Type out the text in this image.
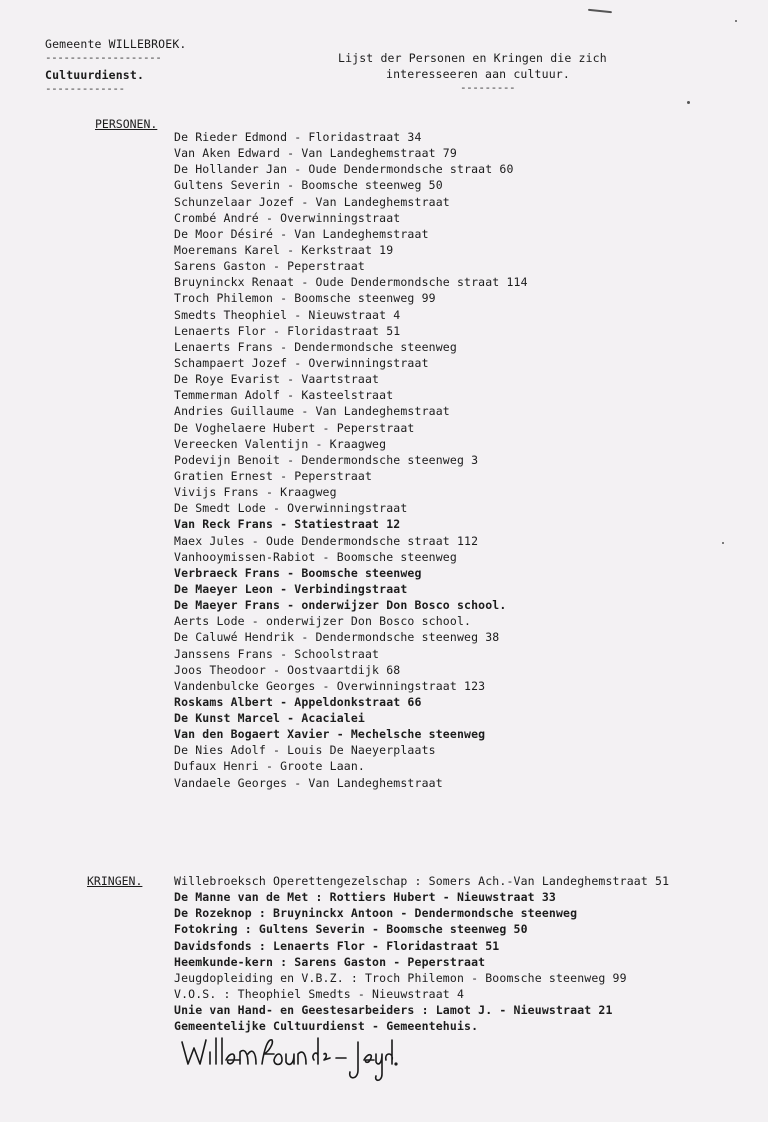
Gemeente WILLEBROEK.
-------------------
Cultuurdienst.
-------------
Lijst der Personen en Kringen die zich
interesseeren aan cultuur.
---------
PERSONEN.
De Rieder Edmond - Floridastraat 34
Van Aken Edward - Van Landeghemstraat 79
De Hollander Jan - Oude Dendermondsche straat 60
Gultens Severin - Boomsche steenweg 50
Schunzelaar Jozef - Van Landeghemstraat
Crombé André - Overwinningstraat
De Moor Désiré - Van Landeghemstraat
Moeremans Karel - Kerkstraat 19
Sarens Gaston - Peperstraat
Bruyninckx Renaat - Oude Dendermondsche straat 114
Troch Philemon - Boomsche steenweg 99
Smedts Theophiel - Nieuwstraat 4
Lenaerts Flor - Floridastraat 51
Lenaerts Frans - Dendermondsche steenweg
Schampaert Jozef - Overwinningstraat
De Roye Evarist - Vaartstraat
Temmerman Adolf - Kasteelstraat
Andries Guillaume - Van Landeghemstraat
De Voghelaere Hubert - Peperstraat
Vereecken Valentijn - Kraagweg
Podevijn Benoit - Dendermondsche steenweg 3
Gratien Ernest - Peperstraat
Vivijs Frans - Kraagweg
De Smedt Lode - Overwinningstraat
Van Reck Frans - Statiestraat 12
Maex Jules - Oude Dendermondsche straat 112
Vanhooymissen-Rabiot - Boomsche steenweg
Verbraeck Frans - Boomsche steenweg
De Maeyer Leon - Verbindingstraat
De Maeyer Frans - onderwijzer Don Bosco school.
Aerts Lode - onderwijzer Don Bosco school.
De Caluwé Hendrik - Dendermondsche steenweg 38
Janssens Frans - Schoolstraat
Joos Theodoor - Oostvaartdijk 68
Vandenbulcke Georges - Overwinningstraat 123
Roskams Albert - Appeldonkstraat 66
De Kunst Marcel - Acacialei
Van den Bogaert Xavier - Mechelsche steenweg
De Nies Adolf - Louis De Naeyerplaats
Dufaux Henri - Groote Laan.
Vandaele Georges - Van Landeghemstraat
KRINGEN.	Willebroeksch Operettengezelschap : Somers Ach.-Van Landeghemstraat 51
De Manne van de Met : Rottiers Hubert - Nieuwstraat 33
De Rozeknop : Bruyninckx Antoon - Dendermondsche steenweg
Fotokring : Gultens Severin - Boomsche steenweg 50
Davidsfonds : Lenaerts Flor - Floridastraat 51
Heemkunde-kern : Sarens Gaston - Peperstraat
Jeugdopleiding en V.B.Z. : Troch Philemon - Boomsche steenweg 99
V.O.S. : Theophiel Smedts - Nieuwstraat 4
Unie van Hand- en Geestesarbeiders : Lamot J. - Nieuwstraat 21
Gemeentelijke Cultuurdienst - Gemeentehuis.
